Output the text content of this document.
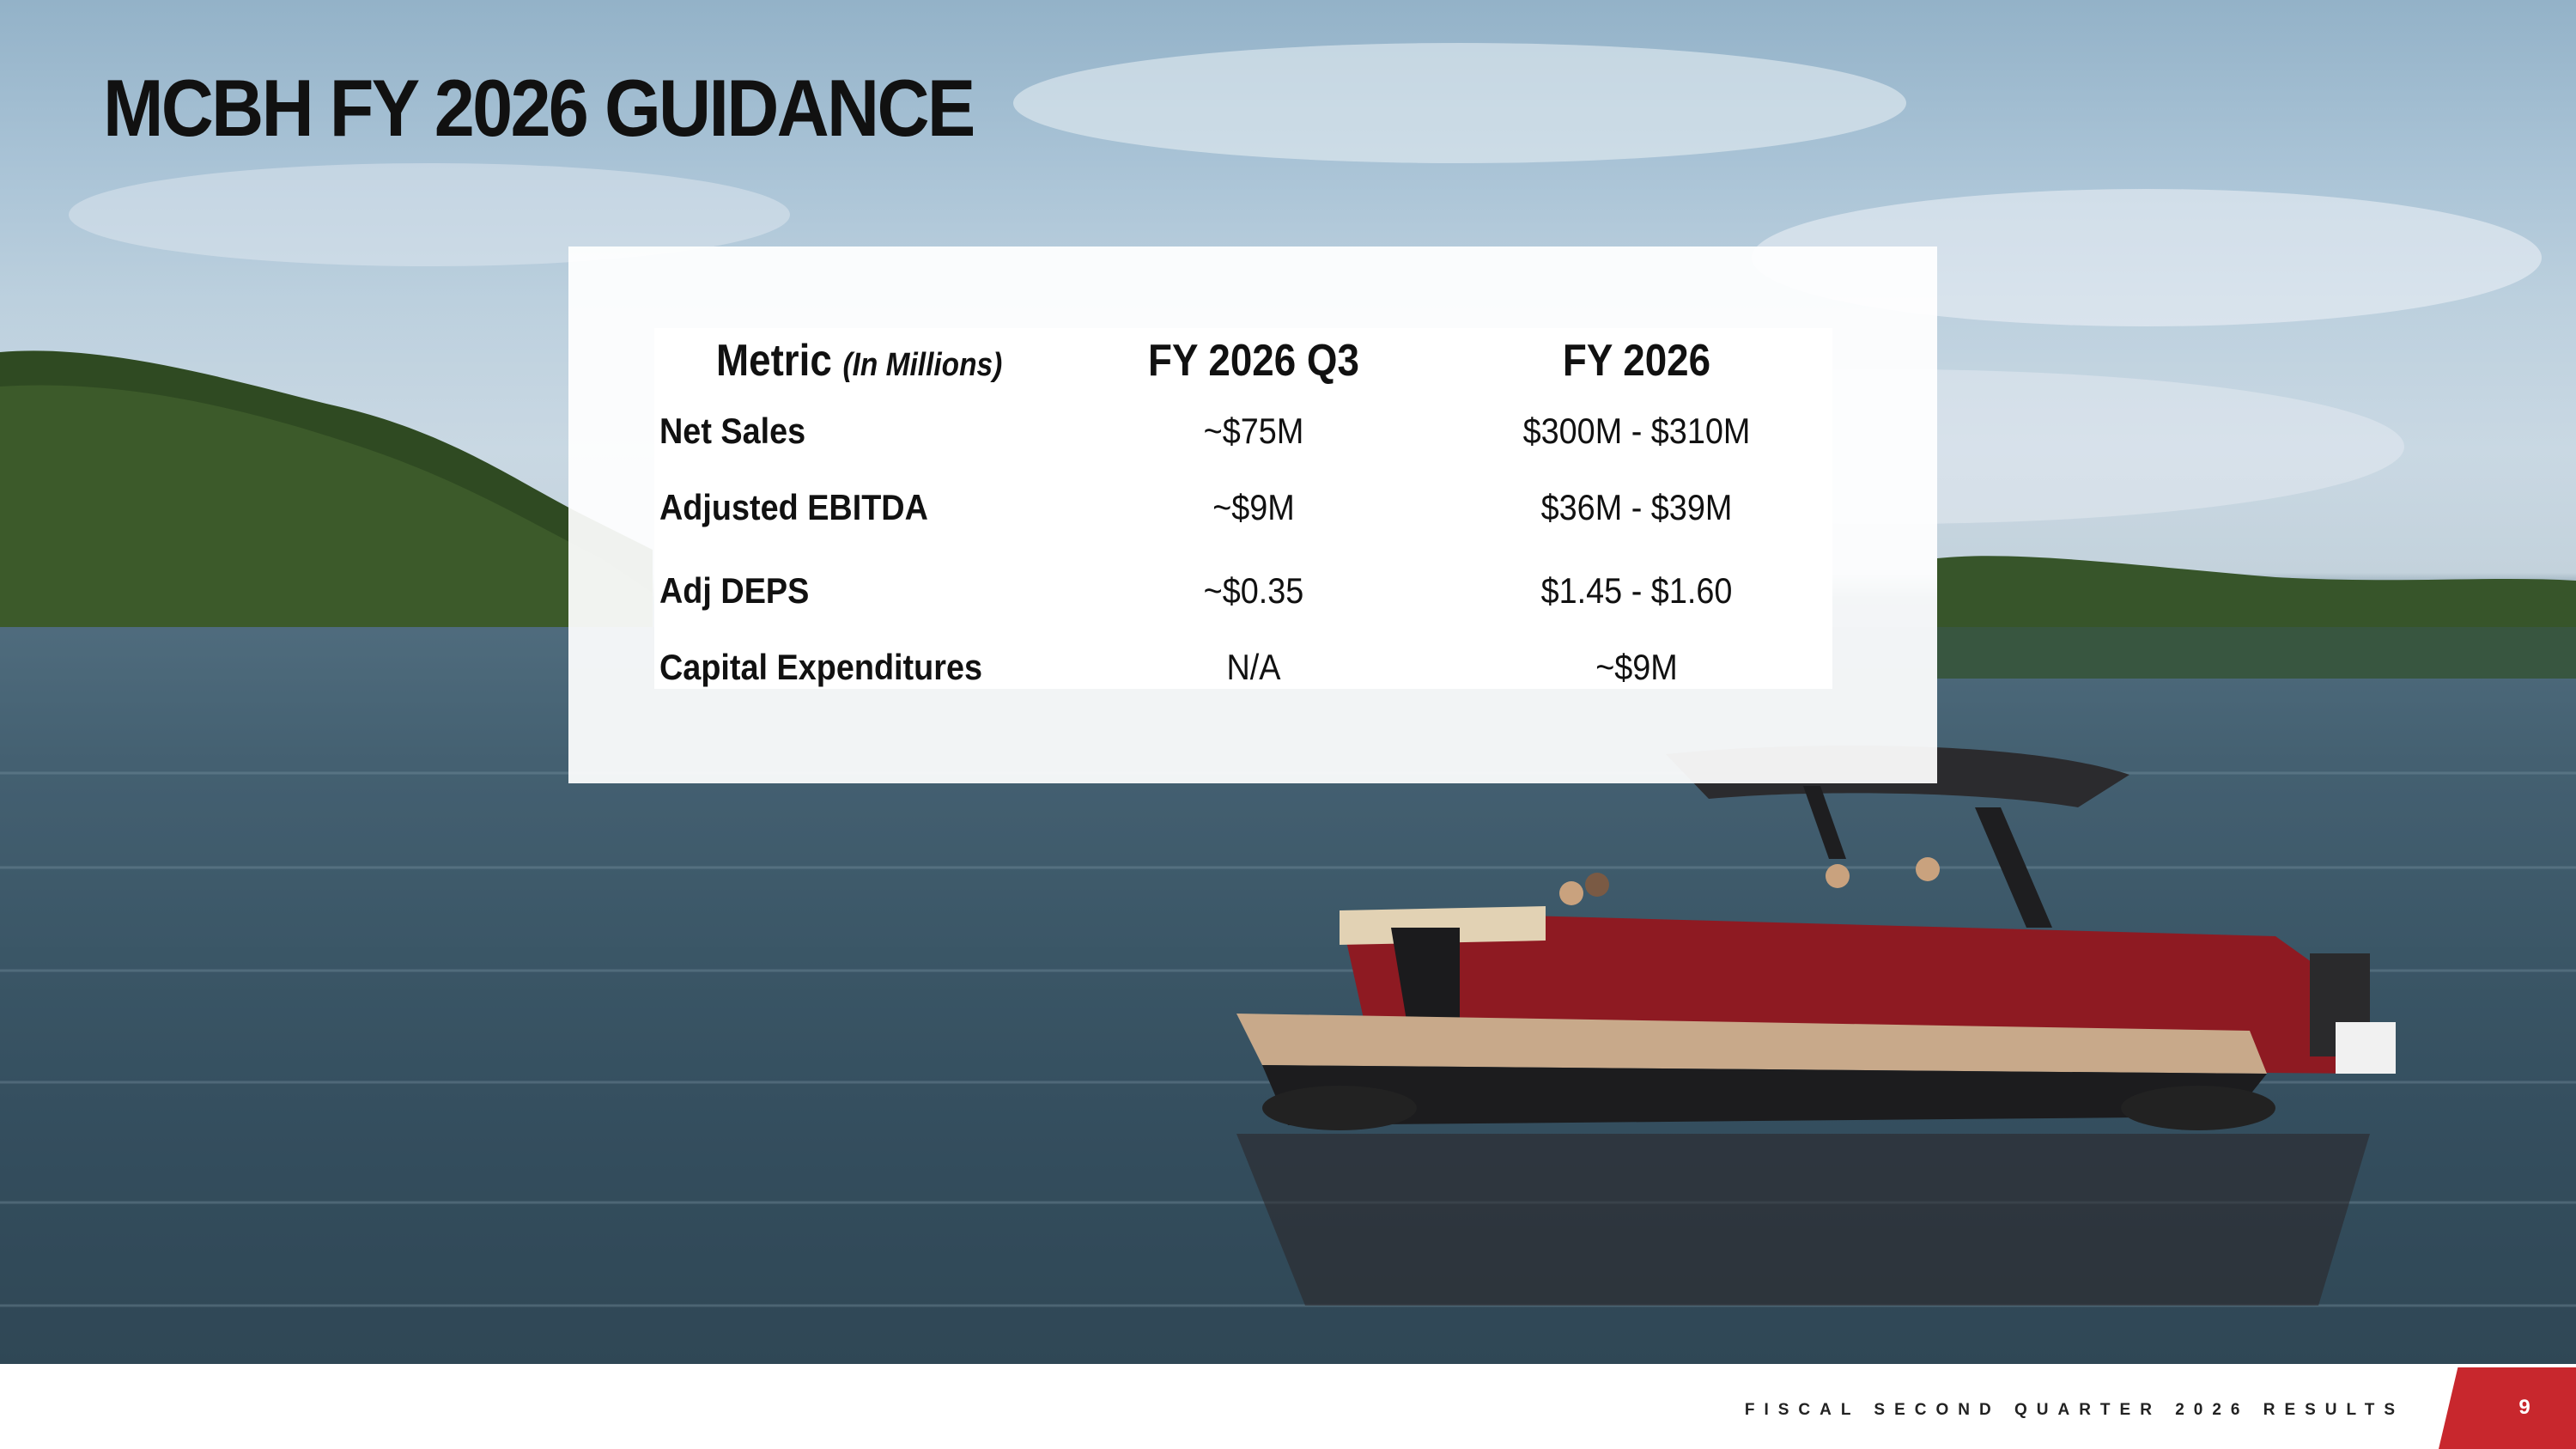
MCBH FY 2026 GUIDANCE
Metric (In Millions)	FY 2026 Q3	FY 2026
Net Sales	~$75M	$300M - $310M
Adjusted EBITDA	~$9M	$36M - $39M
Adj DEPS	~$0.35	$1.45 - $1.60
Capital Expenditures	N/A	~$9M
FISCAL SECOND QUARTER 2026 RESULTS	9
